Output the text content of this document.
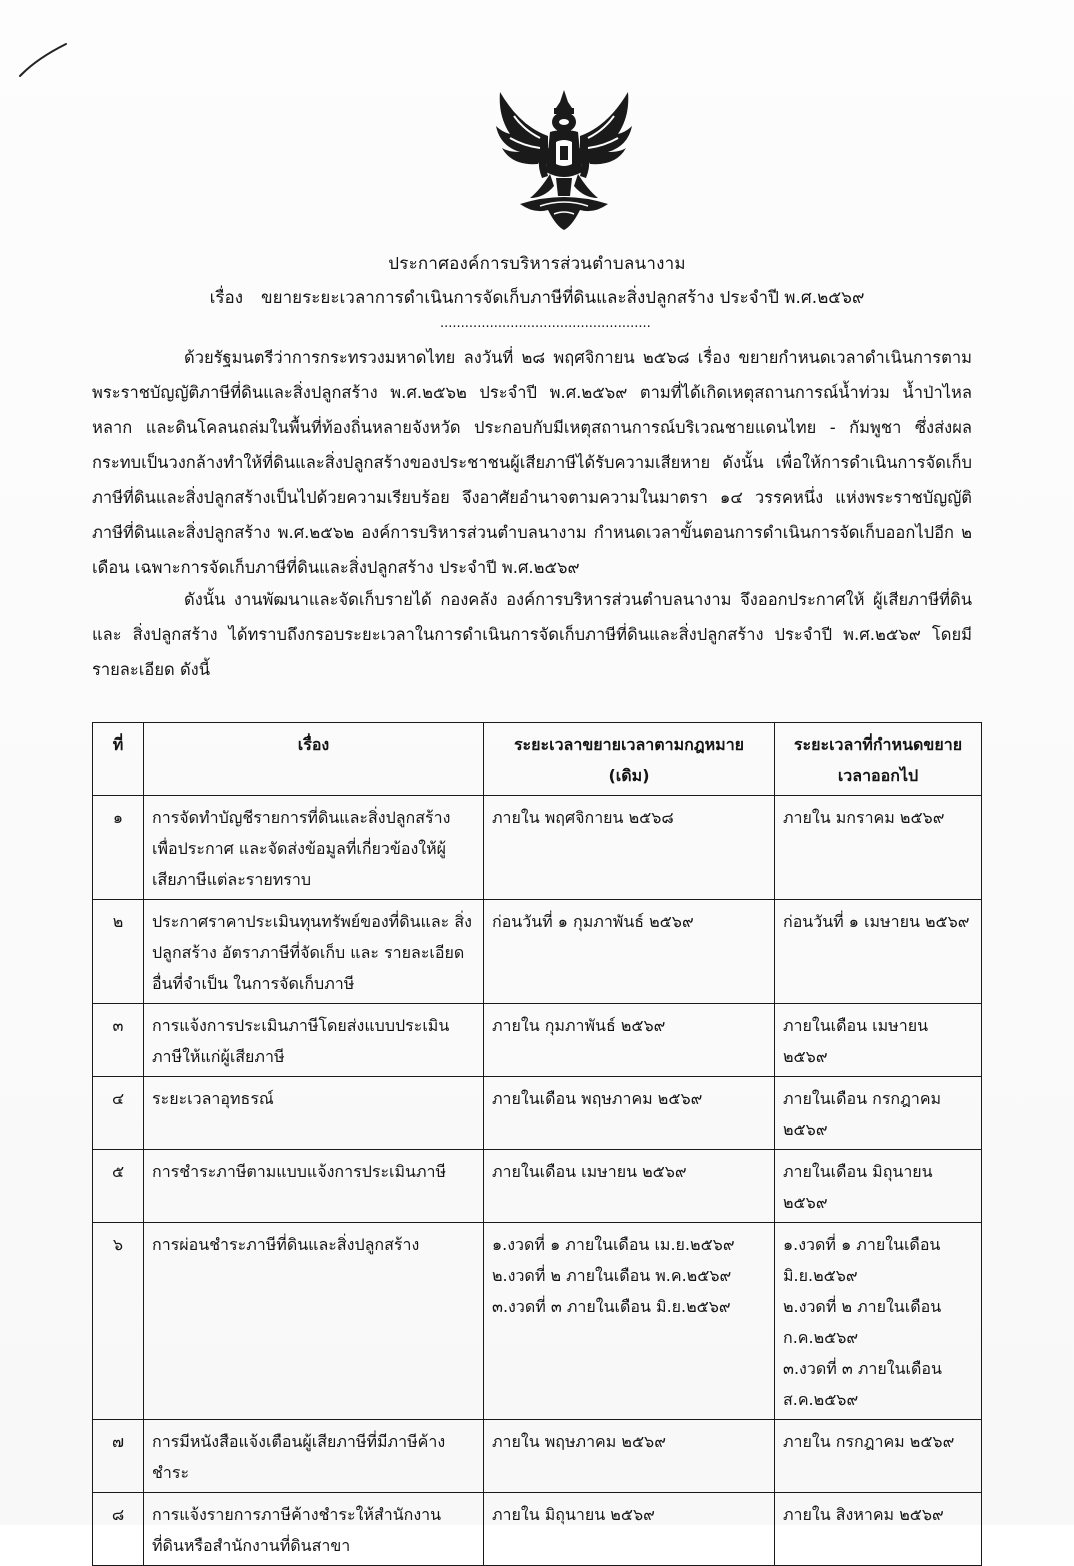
ประกาศองค์การบริหารส่วนตำบลนางาม
เรื่อง ขยายระยะเวลาการดำเนินการจัดเก็บภาษีที่ดินและสิ่งปลูกสร้าง ประจำปี พ.ศ.๒๕๖๙
...................................................
ด้วยรัฐมนตรีว่าการกระทรวงมหาดไทย ลงวันที่ ๒๘ พฤศจิกายน ๒๕๖๘ เรื่อง ขยายกำหนดเวลาดำเนินการตาม พระราชบัญญัติภาษีที่ดินและสิ่งปลูกสร้าง พ.ศ.๒๕๖๒ ประจำปี พ.ศ.๒๕๖๙ ตามที่ได้เกิดเหตุสถานการณ์น้ำท่วม น้ำป่าไหล หลาก และดินโคลนถล่มในพื้นที่ท้องถิ่นหลายจังหวัด ประกอบกับมีเหตุสถานการณ์บริเวณชายแดนไทย - กัมพูชา ซึ่งส่งผล กระทบเป็นวงกล้างทำให้ที่ดินและสิ่งปลูกสร้างของประชาชนผู้เสียภาษีได้รับความเสียหาย ดังนั้น เพื่อให้การดำเนินการจัดเก็บ ภาษีที่ดินและสิ่งปลูกสร้างเป็นไปด้วยความเรียบร้อย จึงอาศัยอำนาจตามความในมาตรา ๑๔ วรรคหนึ่ง แห่งพระราชบัญญัติ ภาษีที่ดินและสิ่งปลูกสร้าง พ.ศ.๒๕๖๒ องค์การบริหารส่วนตำบลนางาม กำหนดเวลาขั้นตอนการดำเนินการจัดเก็บออกไปอีก ๒ เดือน เฉพาะการจัดเก็บภาษีที่ดินและสิ่งปลูกสร้าง ประจำปี พ.ศ.๒๕๖๙
ดังนั้น งานพัฒนาและจัดเก็บรายได้ กองคลัง องค์การบริหารส่วนตำบลนางาม จึงออกประกาศให้ ผู้เสียภาษีที่ดินและ สิ่งปลูกสร้าง ได้ทราบถึงกรอบระยะเวลาในการดำเนินการจัดเก็บภาษีที่ดินและสิ่งปลูกสร้าง ประจำปี พ.ศ.๒๕๖๙ โดยมี รายละเอียด ดังนี้
ที่	เรื่อง	ระยะเวลาขยายเวลาตามกฎหมาย (เดิม)	ระยะเวลาที่กำหนดขยายเวลาออกไป
๑	การจัดทำบัญชีรายการที่ดินและสิ่งปลูกสร้าง เพื่อประกาศ และจัดส่งข้อมูลที่เกี่ยวข้องให้ผู้ เสียภาษีแต่ละรายทราบ	ภายใน พฤศจิกายน ๒๕๖๘	ภายใน มกราคม ๒๕๖๙
๒	ประกาศราคาประเมินทุนทรัพย์ของที่ดินและ สิ่งปลูกสร้าง อัตราภาษีที่จัดเก็บ และ รายละเอียดอื่นที่จำเป็น ในการจัดเก็บภาษี	ก่อนวันที่ ๑ กุมภาพันธ์ ๒๕๖๙	ก่อนวันที่ ๑ เมษายน ๒๕๖๙
๓	การแจ้งการประเมินภาษีโดยส่งแบบประเมิน ภาษีให้แก่ผู้เสียภาษี	ภายใน กุมภาพันธ์ ๒๕๖๙	ภายในเดือน เมษายน ๒๕๖๙
๔	ระยะเวลาอุทธรณ์	ภายในเดือน พฤษภาคม ๒๕๖๙	ภายในเดือน กรกฎาคม ๒๕๖๙
๕	การชำระภาษีตามแบบแจ้งการประเมินภาษี	ภายในเดือน เมษายน ๒๕๖๙	ภายในเดือน มิถุนายน ๒๕๖๙
๖	การผ่อนชำระภาษีที่ดินและสิ่งปลูกสร้าง	๑.งวดที่ ๑ ภายในเดือน เม.ย.๒๕๖๙
๒.งวดที่ ๒ ภายในเดือน พ.ค.๒๕๖๙
๓.งวดที่ ๓ ภายในเดือน มิ.ย.๒๕๖๙	๑.งวดที่ ๑ ภายในเดือน มิ.ย.๒๕๖๙
๒.งวดที่ ๒ ภายในเดือน ก.ค.๒๕๖๙
๓.งวดที่ ๓ ภายในเดือน ส.ค.๒๕๖๙

๗	การมีหนังสือแจ้งเตือนผู้เสียภาษีที่มีภาษีค้าง ชำระ	ภายใน พฤษภาคม ๒๕๖๙	ภายใน กรกฎาคม ๒๕๖๙
๘	การแจ้งรายการภาษีค้างชำระให้สำนักงาน ที่ดินหรือสำนักงานที่ดินสาขา	ภายใน มิถุนายน ๒๕๖๙	ภายใน สิงหาคม ๒๕๖๙
